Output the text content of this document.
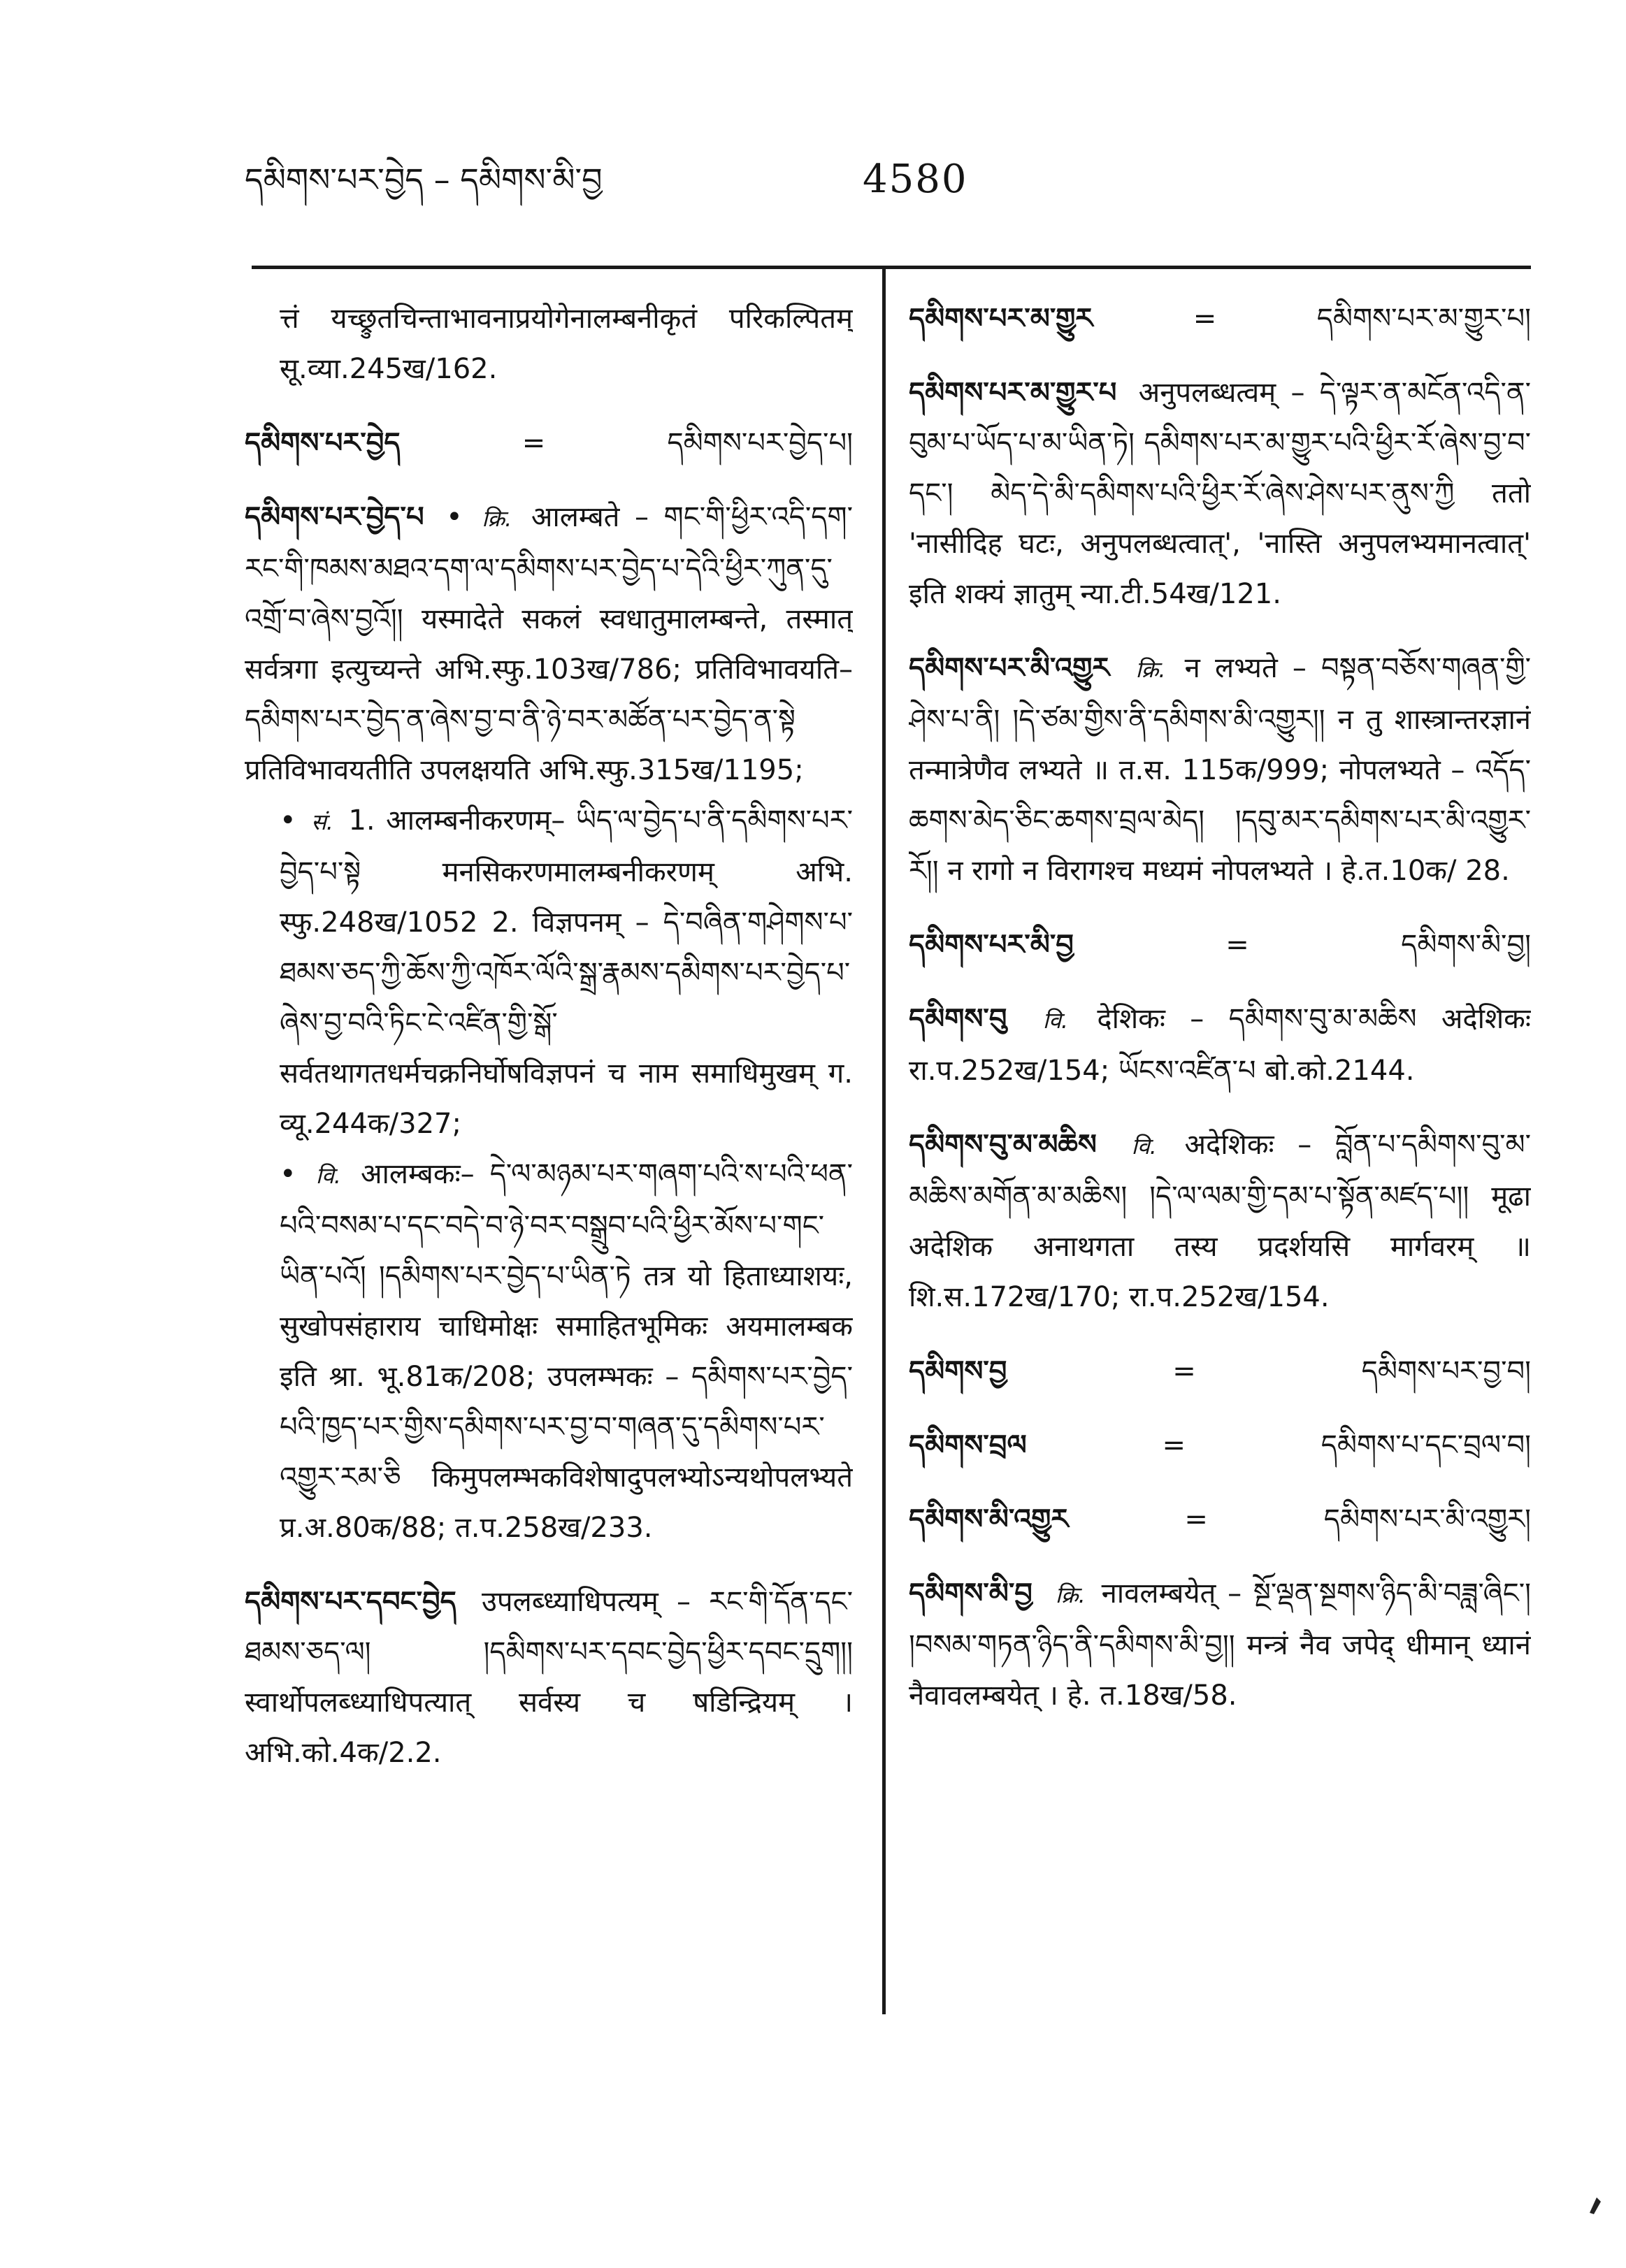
དམིགས་པར་བྱེད – དམིགས་མི་བྱ	4580

त्तं यच्छ्रुतचिन्ताभावनाप्रयोगेनालम्बनीकृतं परिकल्पितम् सू.व्या.245ख/162.

དམིགས་པར་བྱེད	=	དམིགས་པར་བྱེད་པ།

དམིགས་པར་བྱེད་པ • क्रि. आलम्बते – གང་གི་ཕྱིར་འདི་དག་རང་གི་ཁམས་མཐའ་དག་ལ་དམིགས་པར་བྱེད་པ་དེའི་ཕྱིར་ཀུན་དུ་འགྲོ་བ་ཞེས་བྱའོ།། यस्मादेते सकलं स्वधातुमालम्बन्ते, तस्मात् सर्वत्रगा इत्युच्यन्ते अभि.स्फु.103ख/786; प्रतिविभावयति–དམིགས་པར་བྱེད་ན་ཞེས་བྱ་བ་ནི་ཉེ་བར་མཚོན་པར་བྱེད་ན་སྟེ प्रतिविभावयतीति उपलक्षयति अभि.स्फु.315ख/1195;

• सं. 1. आलम्बनीकरणम्– ཡིད་ལ་བྱེད་པ་ནི་དམིགས་པར་བྱེད་པ་སྟེ मनसिकरणमालम्बनीकरणम् अभि. स्फु.248ख/1052 2. विज्ञपनम् – དེ་བཞིན་གཤེགས་པ་ཐམས་ཅད་ཀྱི་ཆོས་ཀྱི་འཁོར་ལོའི་སྒྲ་རྣམས་དམིགས་པར་བྱེད་པ་ཞེས་བྱ་བའི་ཏིང་ངེ་འཛིན་གྱི་སྒོ་ सर्वतथागतधर्मचक्रनिर्घोषविज्ञपनं च नाम समाधिमुखम् ग. व्यू.244क/327;

• वि. आलम्बकः– དེ་ལ་མཉམ་པར་གཞག་པའི་ས་པའི་ཕན་པའི་བསམ་པ་དང་བདེ་བ་ཉེ་བར་བསྒྲུབ་པའི་ཕྱིར་མོས་པ་གང་ཡིན་པའོ། །དམིགས་པར་བྱེད་པ་ཡིན་ཏེ तत्र यो हिताध्याशयः, सुखोपसंहाराय चाधिमोक्षः समाहितभूमिकः अयमालम्बक इति श्रा. भू.81क/208; उपलम्भकः – དམིགས་པར་བྱེད་པའི་ཁྱད་པར་གྱིས་དམིགས་པར་བྱ་བ་གཞན་དུ་དམིགས་པར་འགྱུར་རམ་ཅི किमुपलम्भकविशेषादुपलभ्योऽन्यथोपलभ्यते प्र.अ.80क/88; त.प.258ख/233.

དམིགས་པར་དབང་བྱེད उपलब्ध्याधिपत्यम् – རང་གི་དོན་དང་ཐམས་ཅད་ལ། །དམིགས་པར་དབང་བྱེད་ཕྱིར་དབང་དྲུག།། स्वार्थोपलब्ध्याधिपत्यात् सर्वस्य च षडिन्द्रियम् । अभि.को.4क/2.2.

དམིགས་པར་མ་གྱུར	=	དམིགས་པར་མ་གྱུར་པ།

དམིགས་པར་མ་གྱུར་པ अनुपलब्धत्वम् – དེ་ལྟར་ན་མངོན་འདི་ན་བུམ་པ་ཡོད་པ་མ་ཡིན་ཏེ། དམིགས་པར་མ་གྱུར་པའི་ཕྱིར་རོ་ཞེས་བྱ་བ་དང་། མེད་དེ་མི་དམིགས་པའི་ཕྱིར་རོ་ཞེས་ཤེས་པར་ནུས་ཀྱི ततो 'नासीदिह घटः, अनुपलब्धत्वात्', 'नास्ति अनुपलभ्यमानत्वात्' इति शक्यं ज्ञातुम् न्या.टी.54ख/121.

དམིགས་པར་མི་འགྱུར क्रि. न लभ्यते – བསྟན་བཅོས་གཞན་གྱི་ཤེས་པ་ནི། །དེ་ཙམ་གྱིས་ནི་དམིགས་མི་འགྱུར།། न तु शास्त्रान्तरज्ञानं तन्मात्रेणैव लभ्यते ॥ त.स. 115क/999; नोपलभ्यते – འདོད་ཆགས་མེད་ཅིང་ཆགས་བྲལ་མེད། །དབུ་མར་དམིགས་པར་མི་འགྱུར་རོ།། न रागो न विरागश्च मध्यमं नोपलभ्यते । हे.त.10क/ 28.

དམིགས་པར་མི་བྱ	=	དམིགས་མི་བྱ།

དམིགས་བུ वि. देशिकः – དམིགས་བུ་མ་མཆིས अदेशिकः रा.प.252ख/154; ཡོངས་འཛིན་པ बो.को.2144.

དམིགས་བུ་མ་མཆིས वि. अदेशिकः – བློན་པ་དམིགས་བུ་མ་མཆིས་མགོན་མ་མཆིས། །དེ་ལ་ལམ་གྱི་དམ་པ་སྟོན་མཛད་པ།། मूढा अदेशिक अनाथगता तस्य प्रदर्शयसि मार्गवरम् ॥ शि.स.172ख/170; रा.प.252ख/154.

དམིགས་བྱ	=	དམིགས་པར་བྱ་བ།
དམིགས་བྲལ	=	དམིགས་པ་དང་བྲལ་བ།
དམིགས་མི་འགྱུར	=	དམིགས་པར་མི་འགྱུར།

དམིགས་མི་བྱ क्रि. नावलम्बयेत् – སྔོ་ལྡན་སྔགས་ཉིད་མི་བཟླ་ཞིང་། །བསམ་གཏན་ཉིད་ནི་དམིགས་མི་བྱ།། मन्त्रं नैव जपेद् धीमान् ध्यानं नैवावलम्बयेत् । हे. त.18ख/58.
